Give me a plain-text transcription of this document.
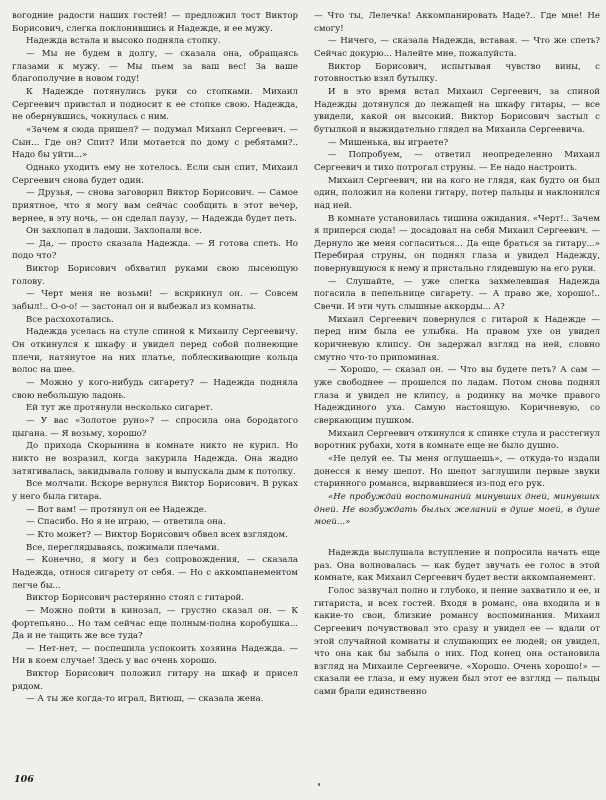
вогодние радости наших гостей! — предложил тост Виктор Борисович, слегка поклонившись и Надежде, и ее мужу.

Надежда встала и высоко подняла стопку.

— Мы не будем в долгу, — сказала она, обращаясь глазами к мужу. — Мы пьем за ваш вес! За ваше благополучие в новом году!

К Надежде потянулись руки со стопками. Михаил Сергеевич привстал и подносит к ее стопке свою. Надежда, не обернувшись, чокнулась с ним.

«Зачем я сюда пришел? — подумал Михаил Сергеевич. — Сын... Где он? Спит? Или мотается по дому с ребятами?.. Надо бы уйти...»

Однако уходить ему не хотелось. Если сын спит, Михаил Сергеевич снова будет один.

— Друзья, — снова заговорил Виктор Борисович. — Самое приятное, что я могу вам сейчас сообщить в этот вечер, вернее, в эту ночь, — он сделал паузу, — Надежда будет петь.

Он захлопал в ладоши. Захлопали все.

— Да, — просто сказала Надежда. — Я готова спеть. Но подо что?

Виктор Борисович обхватил руками свою лысеющую голову.

— Черт меня не возьми! — вскрикнул он. — Совсем забыл!.. О-о-о! — застонал он и выбежал из комнаты.

Все расхохотались.

Надежда уселась на стуле спиной к Михаилу Сергеевичу. Он откинулся к шкафу и увидел перед собой полнеющие плечи, натянутое на них платье, поблескивающие кольца волос на шее.

— Можно у кого-нибудь сигарету? — Надежда подняла свою небольшую ладонь.

Ей тут же протянули несколько сигарет.

— У вас «Золотое руно»? — спросила она бородатого цыгана. — Я возьму, хорошо?

До прихода Скорынина в комнате никто не курил. Но никто не возразил, когда закурила Надежда. Она жадно затягивалась, закидывала голову и выпускала дым к потолку.

Все молчали. Вскоре вернулся Виктор Борисович. В руках у него была гитара.

— Вот вам! — протянул он ее Надежде.

— Спасибо. Но я не играю, — ответила она.

— Кто может? — Виктор Борисович обвел всех взглядом.

Все, переглядываясь, пожимали плечами.

— Конечно, я могу и без сопровождения, — сказала Надежда, относя сигарету от себя. — Но с аккомпанементом легче бы...

Виктор Борисович растерянно стоял с гитарой.

— Можно пойти в кинозал, — грустно сказал он. — К фортепьяно... Но там сейчас еще полным-полна коробушка... Да и не тащить же все туда?

— Нет-нет, — поспешила успокоить хозяина Надежда. — Ни в коем случае! Здесь у вас очень хорошо.

Виктор Борисович положил гитару на шкаф и присел рядом.

— А ты же когда-то играл, Витюш, — сказала жена.

— Что ты, Лелечка! Аккомпанировать Наде?.. Где мне! Не смогу!

— Ничего, — сказала Надежда, вставая. — Что же спеть? Сейчас докурю... Налейте мне, пожалуйста.

Виктор Борисович, испытывая чувство вины, с готовностью взял бутылку.

И в это время встал Михаил Сергеевич, за спиной Надежды дотянулся до лежащей на шкафу гитары, — все увидели, какой он высокий. Виктор Борисович застыл с бутылкой и выжидательно глядел на Михаила Сергеевича.

— Мишенька, вы играете?

— Попробуем, — ответил неопределенно Михаил Сергеевич и тихо потрогал струны. — Ее надо настроить.

Михаил Сергеевич, ни на кого не глядя, как будто он был один, положил на колени гитару, потер пальцы и наклонился над ней.

В комнате установилась тишина ожидания. «Черт!.. Зачем я приперся сюда! — досадовал на себя Михаил Сергеевич. — Дернуло же меня согласиться... Да еще браться за гитару...» Перебирая струны, он поднял глаза и увидел Надежду, повернувшуюся к нему и пристально глядевшую на его руки.

— Слушайте, — уже слегка захмелевшая Надежда погасила в пепельнице сигарету. — А право же, хорошо!.. Свечи. И эти чуть слышные аккорды... А?

Михаил Сергеевич повернулся с гитарой к Надежде — перед ним была ее улыбка. На правом ухе он увидел коричневую клипсу. Он задержал взгляд на ней, словно смутно что-то припоминая.

— Хорошо, — сказал он. — Что вы будете петь? А сам — уже свободнее — прошелся по ладам. Потом снова поднял глаза и увидел не клипсу, а родинку на мочке правого Надеждиного уха. Самую настоящую. Коричневую, со сверкающим пушком.

Михаил Сергеевич откинулся к спинке стула и расстегнул воротник рубахи, хотя в комнате еще не было душно.

«Не целуй ее. Ты меня оглушаешь», — откуда-то издали донесся к нему шепот. Но шепот заглушили первые звуки старинного романса, вырвавшиеся из-под его рук.

«Не пробуждай воспоминаний минувших дней, минувших дней. Не возбуждать былых желаний в душе моей, в душе моей...»

Надежда выслушала вступление и попросила начать еще раз. Она волновалась — как будет звучать ее голос в этой комнате, как Михаил Сергеевич будет вести аккомпанемент.

Голос зазвучал полно и глубоко, и пение захватило и ее, и гитариста, и всех гостей. Входя в романс, она входила и в какие-то свои, близкие романсу воспоминания. Михаил Сергеевич почувствовал это сразу и увидел ее — вдали от этой случайной комнаты и слушающих ее людей; он увидел, что она как бы забыла о них. Под конец она остановила взгляд на Михаиле Сергеевиче. «Хорошо. Очень хорошо!» — сказали ее глаза, и ему нужен был этот ее взгляд — пальцы сами брали единственно

106
